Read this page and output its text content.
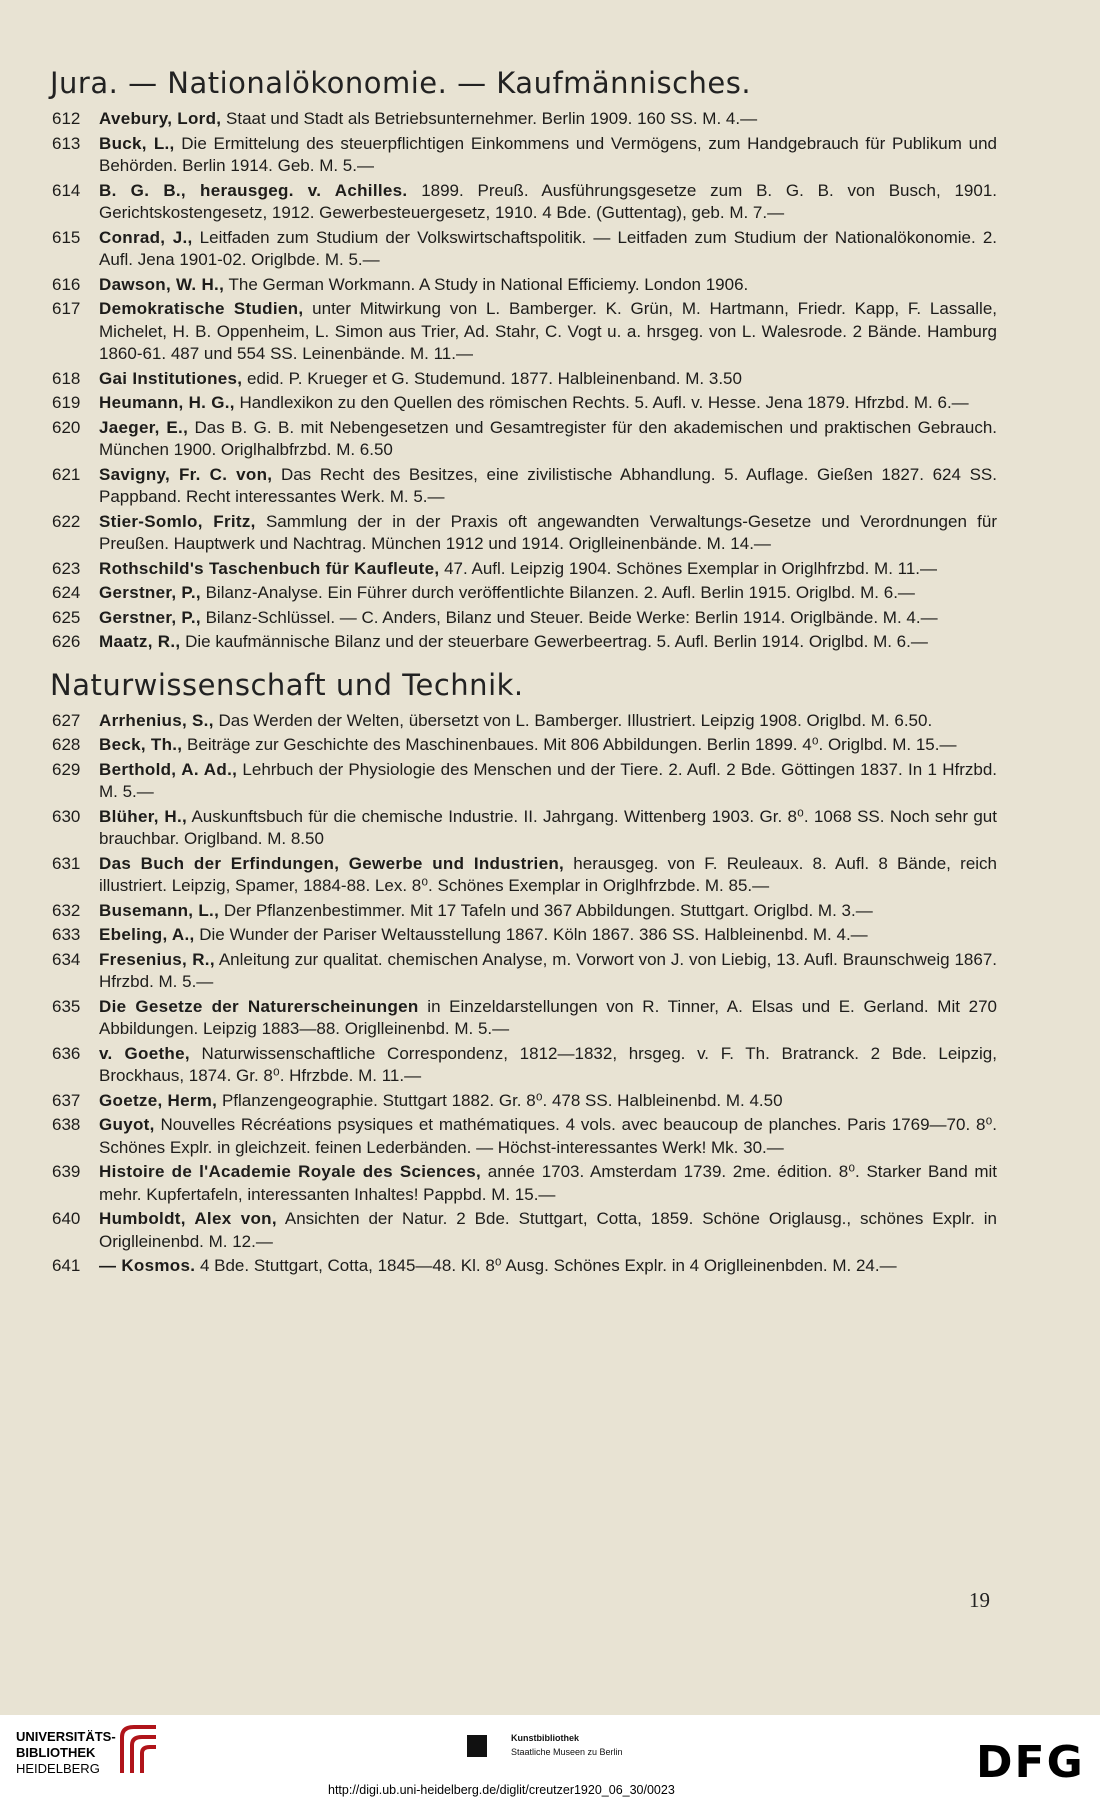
Jura. — Nationalökonomie. — Kaufmännisches.
612	Avebury, Lord, Staat und Stadt als Betriebsunternehmer. Berlin 1909. 160 SS. M. 4.—
613	Buck, L., Die Ermittelung des steuerpflichtigen Einkommens und Vermögens, zum Handgebrauch für Publikum und Behörden. Berlin 1914. Geb. M. 5.—
614	B. G. B., herausgeg. v. Achilles. 1899. Preuß. Ausführungsgesetze zum B. G. B. von Busch, 1901. Gerichtskostengesetz, 1912. Gewerbesteuergesetz, 1910. 4 Bde. (Guttentag), geb. M. 7.—
615	Conrad, J., Leitfaden zum Studium der Volkswirtschaftspolitik. — Leitfaden zum Studium der Nationalökonomie. 2. Aufl. Jena 1901-02. Origlbde. M. 5.—
616	Dawson, W. H., The German Workmann. A Study in National Efficiemy. London 1906.
617	Demokratische Studien, unter Mitwirkung von L. Bamberger. K. Grün, M. Hartmann, Friedr. Kapp, F. Lassalle, Michelet, H. B. Oppenheim, L. Simon aus Trier, Ad. Stahr, C. Vogt u. a. hrsgeg. von L. Walesrode. 2 Bände. Hamburg 1860-61. 487 und 554 SS. Leinenbände. M. 11.—
618	Gai Institutiones, edid. P. Krueger et G. Studemund. 1877. Halbleinenband. M. 3.50
619	Heumann, H. G., Handlexikon zu den Quellen des römischen Rechts. 5. Aufl. v. Hesse. Jena 1879. Hfrzbd. M. 6.—
620	Jaeger, E., Das B. G. B. mit Nebengesetzen und Gesamtregister für den akademischen und praktischen Gebrauch. München 1900. Origlhalbfrzbd. M. 6.50
621	Savigny, Fr. C. von, Das Recht des Besitzes, eine zivilistische Abhandlung. 5. Auflage. Gießen 1827. 624 SS. Pappband. Recht interessantes Werk. M. 5.—
622	Stier-Somlo, Fritz, Sammlung der in der Praxis oft angewandten Verwaltungs-Gesetze und Verordnungen für Preußen. Hauptwerk und Nachtrag. München 1912 und 1914. Origlleinenbände. M. 14.—
623	Rothschild's Taschenbuch für Kaufleute, 47. Aufl. Leipzig 1904. Schönes Exemplar in Origlhfrzbd. M. 11.—
624	Gerstner, P., Bilanz-Analyse. Ein Führer durch veröffentlichte Bilanzen. 2. Aufl. Berlin 1915. Origlbd. M. 6.—
625	Gerstner, P., Bilanz-Schlüssel. — C. Anders, Bilanz und Steuer. Beide Werke: Berlin 1914. Origlbände. M. 4.—
626	Maatz, R., Die kaufmännische Bilanz und der steuerbare Gewerbeertrag. 5. Aufl. Berlin 1914. Origlbd. M. 6.—
Naturwissenschaft und Technik.
627	Arrhenius, S., Das Werden der Welten, übersetzt von L. Bamberger. Illustriert. Leipzig 1908. Origlbd. M. 6.50.
628	Beck, Th., Beiträge zur Geschichte des Maschinenbaues. Mit 806 Abbildungen. Berlin 1899. 4⁰. Origlbd. M. 15.—
629	Berthold, A. Ad., Lehrbuch der Physiologie des Menschen und der Tiere. 2. Aufl. 2 Bde. Göttingen 1837. In 1 Hfrzbd. M. 5.—
630	Blüher, H., Auskunftsbuch für die chemische Industrie. II. Jahrgang. Wittenberg 1903. Gr. 8⁰. 1068 SS. Noch sehr gut brauchbar. Origlband. M. 8.50
631	Das Buch der Erfindungen, Gewerbe und Industrien, herausgeg. von F. Reuleaux. 8. Aufl. 8 Bände, reich illustriert. Leipzig, Spamer, 1884-88. Lex. 8⁰. Schönes Exemplar in Origlhfrzbde. M. 85.—
632	Busemann, L., Der Pflanzenbestimmer. Mit 17 Tafeln und 367 Abbildungen. Stuttgart. Origlbd. M. 3.—
633	Ebeling, A., Die Wunder der Pariser Weltausstellung 1867. Köln 1867. 386 SS. Halbleinenbd. M. 4.—
634	Fresenius, R., Anleitung zur qualitat. chemischen Analyse, m. Vorwort von J. von Liebig, 13. Aufl. Braunschweig 1867. Hfrzbd. M. 5.—
635	Die Gesetze der Naturerscheinungen in Einzeldarstellungen von R. Tinner, A. Elsas und E. Gerland. Mit 270 Abbildungen. Leipzig 1883—88. Origlleinenbd. M. 5.—
636	v. Goethe, Naturwissenschaftliche Correspondenz, 1812—1832, hrsgeg. v. F. Th. Bratranck. 2 Bde. Leipzig, Brockhaus, 1874. Gr. 8⁰. Hfrzbde. M. 11.—
637	Goetze, Herm, Pflanzengeographie. Stuttgart 1882. Gr. 8⁰. 478 SS. Halbleinenbd. M. 4.50
638	Guyot, Nouvelles Récréations psysiques et mathématiques. 4 vols. avec beaucoup de planches. Paris 1769—70. 8⁰. Schönes Explr. in gleichzeit. feinen Lederbänden. — Höchst-interessantes Werk! Mk. 30.—
639	Histoire de l'Academie Royale des Sciences, année 1703. Amsterdam 1739. 2me. édition. 8⁰. Starker Band mit mehr. Kupfertafeln, interessanten Inhaltes! Pappbd. M. 15.—
640	Humboldt, Alex von, Ansichten der Natur. 2 Bde. Stuttgart, Cotta, 1859. Schöne Origlausg., schönes Explr. in Origlleinenbd. M. 12.—
641	— Kosmos. 4 Bde. Stuttgart, Cotta, 1845—48. Kl. 8⁰ Ausg. Schönes Explr. in 4 Origlleinenbden. M. 24.—
19
UNIVERSITÄTS-
BIBLIOTHEK
HEIDELBERG
Kunstbibliothek
Staatliche Museen zu Berlin	DFG
http://digi.ub.uni-heidelberg.de/diglit/creutzer1920_06_30/0023
